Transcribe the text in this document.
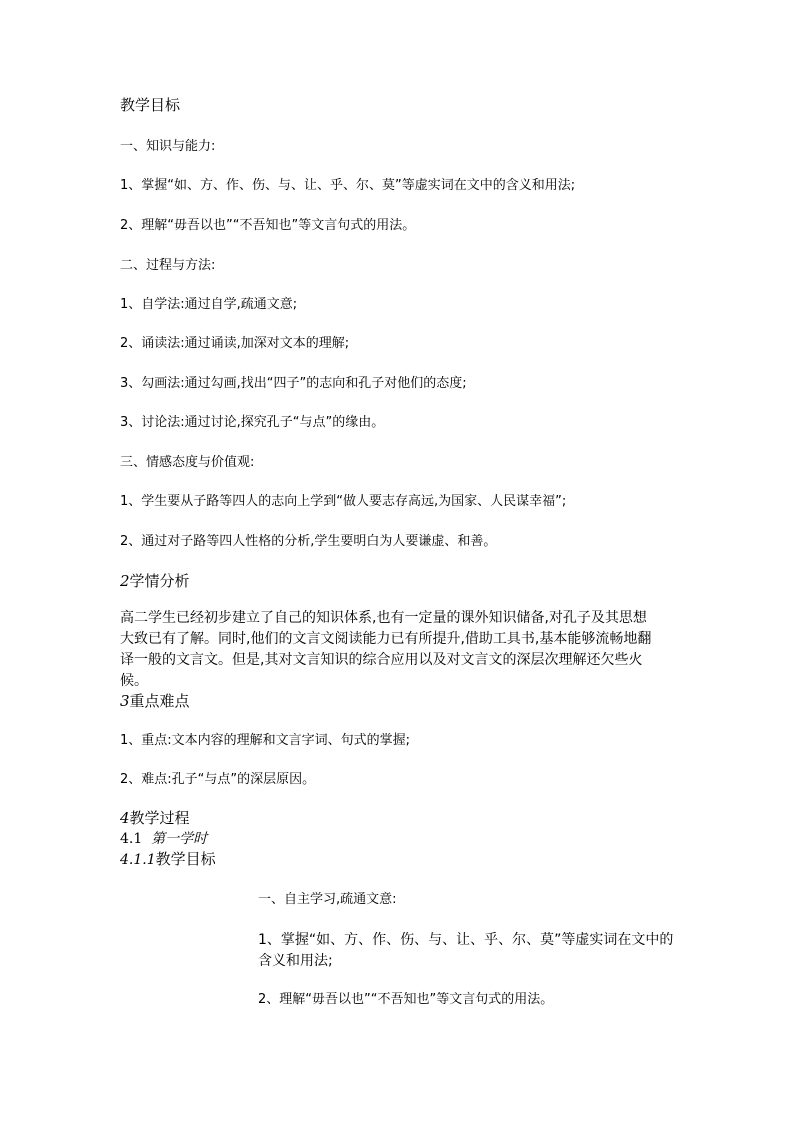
教学目标
一、知识与能力:
1、掌握“如、方、作、伤、与、让、乎、尔、莫”等虚实词在文中的含义和用法;
2、理解“毋吾以也”“不吾知也”等文言句式的用法。
二、过程与方法:
1、自学法:通过自学,疏通文意;
2、诵读法:通过诵读,加深对文本的理解;
3、勾画法:通过勾画,找出“四子”的志向和孔子对他们的态度;
3、讨论法:通过讨论,探究孔子“与点”的缘由。
三、情感态度与价值观:
1、学生要从子路等四人的志向上学到“做人要志存高远,为国家、人民谋幸福”;
2、通过对子路等四人性格的分析,学生要明白为人要谦虚、和善。
2学情分析
高二学生已经初步建立了自己的知识体系,也有一定量的课外知识储备,对孔子及其思想大致已有了解。同时,他们的文言文阅读能力已有所提升,借助工具书,基本能够流畅地翻译一般的文言文。但是,其对文言知识的综合应用以及对文言文的深层次理解还欠些火候。
3重点难点
1、重点:文本内容的理解和文言字词、句式的掌握;
2、难点:孔子“与点”的深层原因。
4教学过程
4.1 第一学时
4.1.1教学目标
一、自主学习,疏通文意:
1、掌握“如、方、作、伤、与、让、乎、尔、莫”等虚实词在文中的含义和用法;
2、理解“毋吾以也”“不吾知也”等文言句式的用法。
